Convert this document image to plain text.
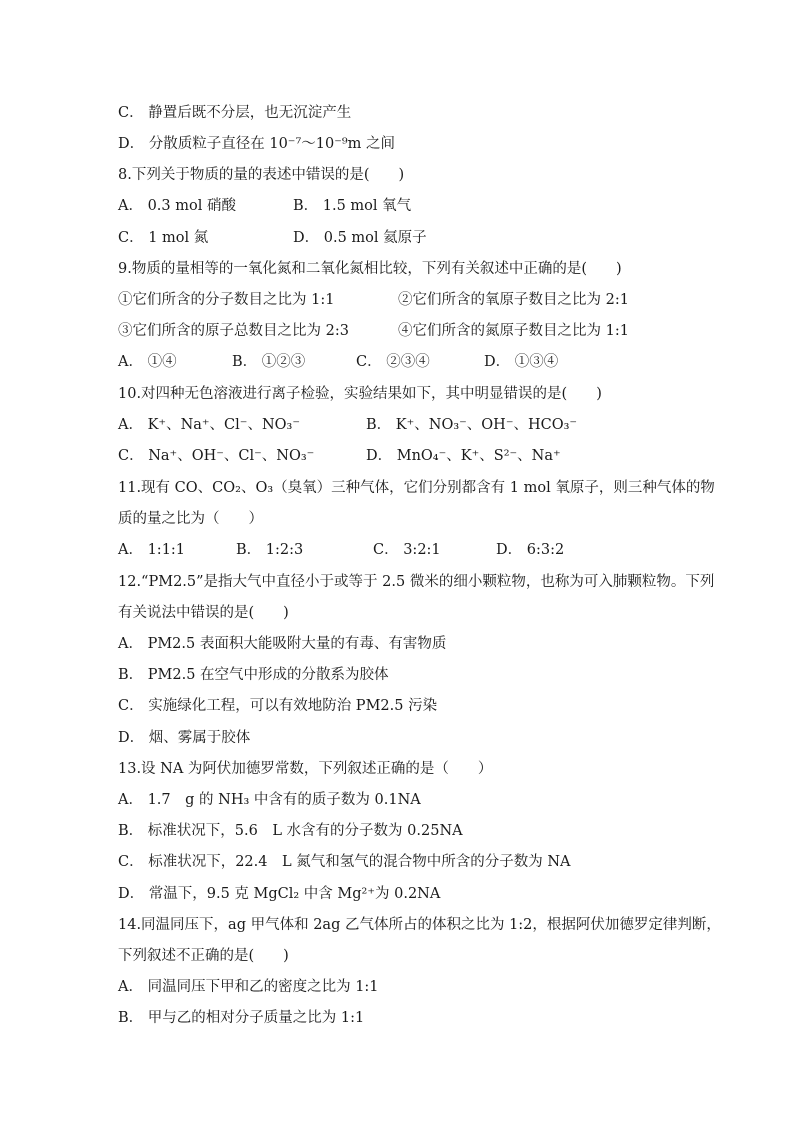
C． 静置后既不分层，也无沉淀产生
D． 分散质粒子直径在 10⁻⁷～10⁻⁹m 之间
8.下列关于物质的量的表述中错误的是(　　)
A． 0.3 mol 硝酸	B． 1.5 mol 氧气
C． 1 mol 氮	D． 0.5 mol 氦原子
9.物质的量相等的一氧化氮和二氧化氮相比较，下列有关叙述中正确的是(　　)
①它们所含的分子数目之比为 1:1	②它们所含的氧原子数目之比为 2:1
③它们所含的原子总数目之比为 2:3	④它们所含的氮原子数目之比为 1:1
A． ①④	B． ①②③	C． ②③④	D． ①③④
10.对四种无色溶液进行离子检验，实验结果如下，其中明显错误的是(　　)
A． K⁺、Na⁺、Cl⁻、NO₃⁻	B． K⁺、NO₃⁻、OH⁻、HCO₃⁻
C． Na⁺、OH⁻、Cl⁻、NO₃⁻	D． MnO₄⁻、K⁺、S²⁻、Na⁺
11.现有 CO、CO₂、O₃（臭氧）三种气体，它们分别都含有 1 mol 氧原子，则三种气体的物
质的量之比为（　　）
A． 1:1:1	B． 1:2:3	C． 3:2:1	D． 6:3:2
12.“PM2.5”是指大气中直径小于或等于 2.5 微米的细小颗粒物，也称为可入肺颗粒物。下列
有关说法中错误的是(　　)
A． PM2.5 表面积大能吸附大量的有毒、有害物质
B． PM2.5 在空气中形成的分散系为胶体
C． 实施绿化工程，可以有效地防治 PM2.5 污染
D． 烟、雾属于胶体
13.设 NA 为阿伏加德罗常数，下列叙述正确的是（　　）
A． 1.7　g 的 NH₃ 中含有的质子数为 0.1NA
B． 标准状况下，5.6　L 水含有的分子数为 0.25NA
C． 标准状况下，22.4　L 氮气和氢气的混合物中所含的分子数为 NA
D． 常温下，9.5 克 MgCl₂ 中含 Mg²⁺为 0.2NA
14.同温同压下，ag 甲气体和 2ag 乙气体所占的体积之比为 1:2，根据阿伏加德罗定律判断，
下列叙述不正确的是(　　)
A． 同温同压下甲和乙的密度之比为 1:1
B． 甲与乙的相对分子质量之比为 1:1
